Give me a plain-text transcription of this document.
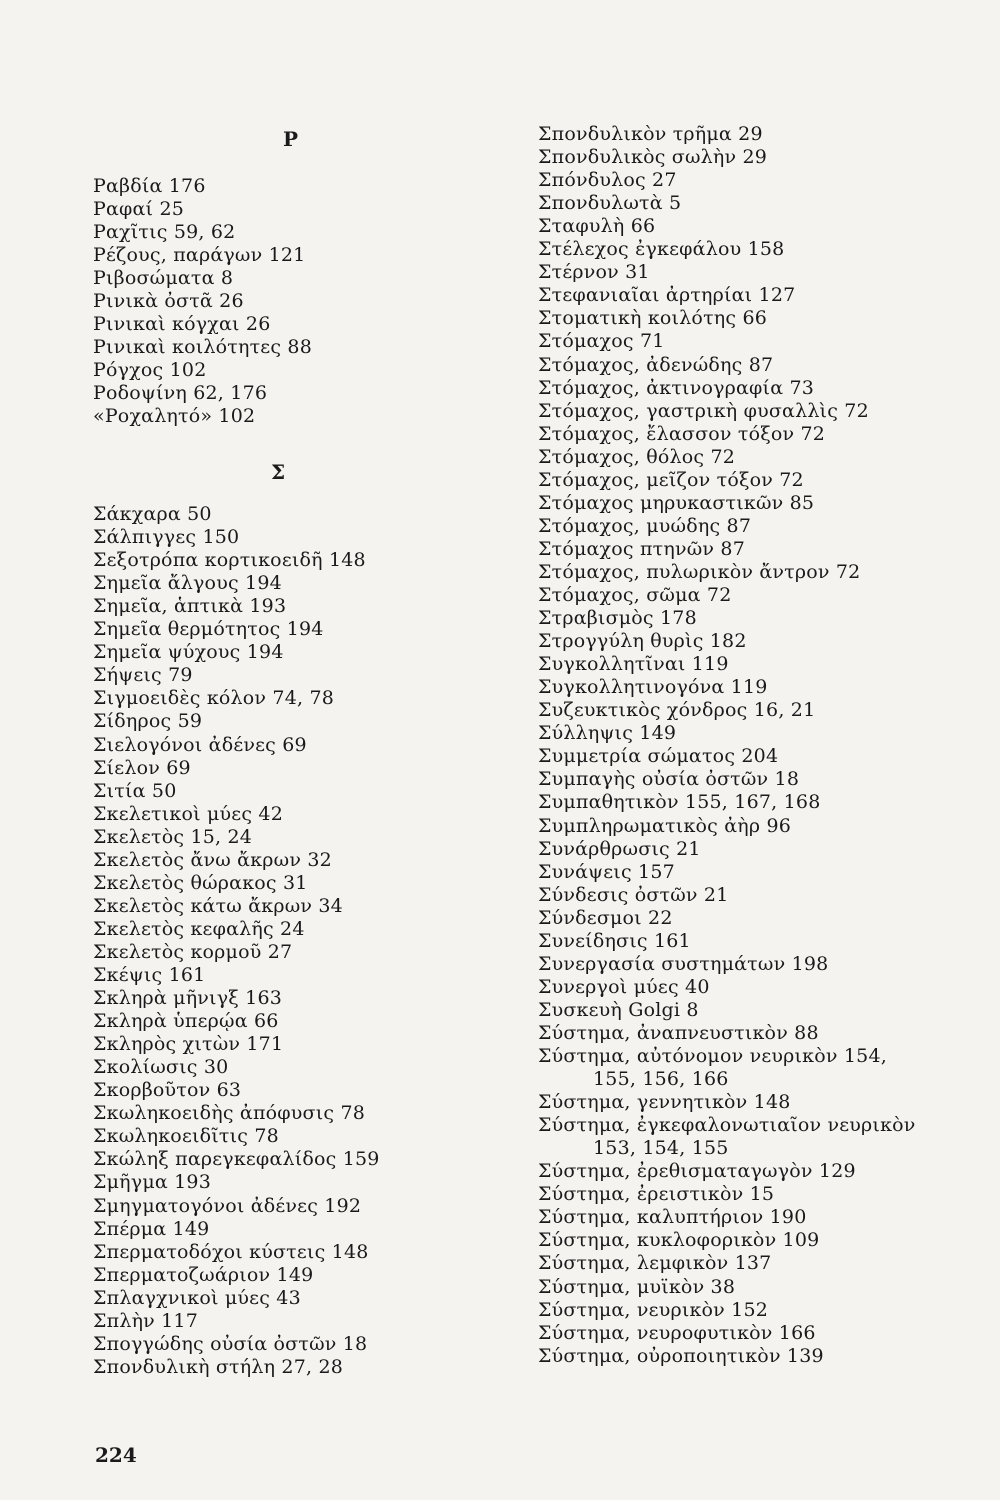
Ρ
Σ
Ραβδία 176
Ραφαί 25
Ραχῖτις 59, 62
Ρέζους, παράγων 121
Ριβοσώματα 8
Ρινικὰ ὀστᾶ 26
Ρινικαὶ κόγχαι 26
Ρινικαὶ κοιλότητες 88
Ρόγχος 102
Ροδοψίνη 62, 176
«Ροχαλητό» 102
Σάκχαρα 50
Σάλπιγγες 150
Σεξοτρόπα κορτικοειδῆ 148
Σημεῖα ἄλγους 194
Σημεῖα, ἁπτικὰ 193
Σημεῖα θερμότητος 194
Σημεῖα ψύχους 194
Σήψεις 79
Σιγμοειδὲς κόλον 74, 78
Σίδηρος 59
Σιελογόνοι ἀδένες 69
Σίελον 69
Σιτία 50
Σκελετικοὶ μύες 42
Σκελετὸς 15, 24
Σκελετὸς ἄνω ἄκρων 32
Σκελετὸς θώρακος 31
Σκελετὸς κάτω ἄκρων 34
Σκελετὸς κεφαλῆς 24
Σκελετὸς κορμοῦ 27
Σκέψις 161
Σκληρὰ μῆνιγξ 163
Σκληρὰ ὑπερῴα 66
Σκληρὸς χιτὼν 171
Σκολίωσις 30
Σκορβοῦτον 63
Σκωληκοειδὴς ἀπόφυσις 78
Σκωληκοειδῖτις 78
Σκώληξ παρεγκεφαλίδος 159
Σμῆγμα 193
Σμηγματογόνοι ἀδένες 192
Σπέρμα 149
Σπερματοδόχοι κύστεις 148
Σπερματοζωάριον 149
Σπλαγχνικοὶ μύες 43
Σπλὴν 117
Σπογγώδης οὐσία ὀστῶν 18
Σπονδυλικὴ στήλη 27, 28
Σπονδυλικὸν τρῆμα 29
Σπονδυλικὸς σωλὴν 29
Σπόνδυλος 27
Σπονδυλωτὰ 5
Σταφυλὴ 66
Στέλεχος ἐγκεφάλου 158
Στέρνον 31
Στεφανιαῖαι ἀρτηρίαι 127
Στοματικὴ κοιλότης 66
Στόμαχος 71
Στόμαχος, ἀδενώδης 87
Στόμαχος, ἀκτινογραφία 73
Στόμαχος, γαστρικὴ φυσαλλὶς 72
Στόμαχος, ἔλασσον τόξον 72
Στόμαχος, θόλος 72
Στόμαχος, μεῖζον τόξον 72
Στόμαχος μηρυκαστικῶν 85
Στόμαχος, μυώδης 87
Στόμαχος πτηνῶν 87
Στόμαχος, πυλωρικὸν ἄντρον 72
Στόμαχος, σῶμα 72
Στραβισμὸς 178
Στρογγύλη θυρὶς 182
Συγκολλητῖναι 119
Συγκολλητινογόνα 119
Συζευκτικὸς χόνδρος 16, 21
Σύλληψις 149
Συμμετρία σώματος 204
Συμπαγὴς οὐσία ὀστῶν 18
Συμπαθητικὸν 155, 167, 168
Συμπληρωματικὸς ἀὴρ 96
Συνάρθρωσις 21
Συνάψεις 157
Σύνδεσις ὀστῶν 21
Σύνδεσμοι 22
Συνείδησις 161
Συνεργασία συστημάτων 198
Συνεργοὶ μύες 40
Συσκευὴ Golgi 8
Σύστημα, ἀναπνευστικὸν 88
Σύστημα, αὐτόνομον νευρικὸν 154,
155, 156, 166
Σύστημα, γεννητικὸν 148
Σύστημα, ἐγκεφαλονωτιαῖον νευρικὸν
153, 154, 155
Σύστημα, ἐρεθισματαγωγὸν 129
Σύστημα, ἐρειστικὸν 15
Σύστημα, καλυπτήριον 190
Σύστημα, κυκλοφορικὸν 109
Σύστημα, λεμφικὸν 137
Σύστημα, μυϊκὸν 38
Σύστημα, νευρικὸν 152
Σύστημα, νευροφυτικὸν 166
Σύστημα, οὐροποιητικὸν 139
224
